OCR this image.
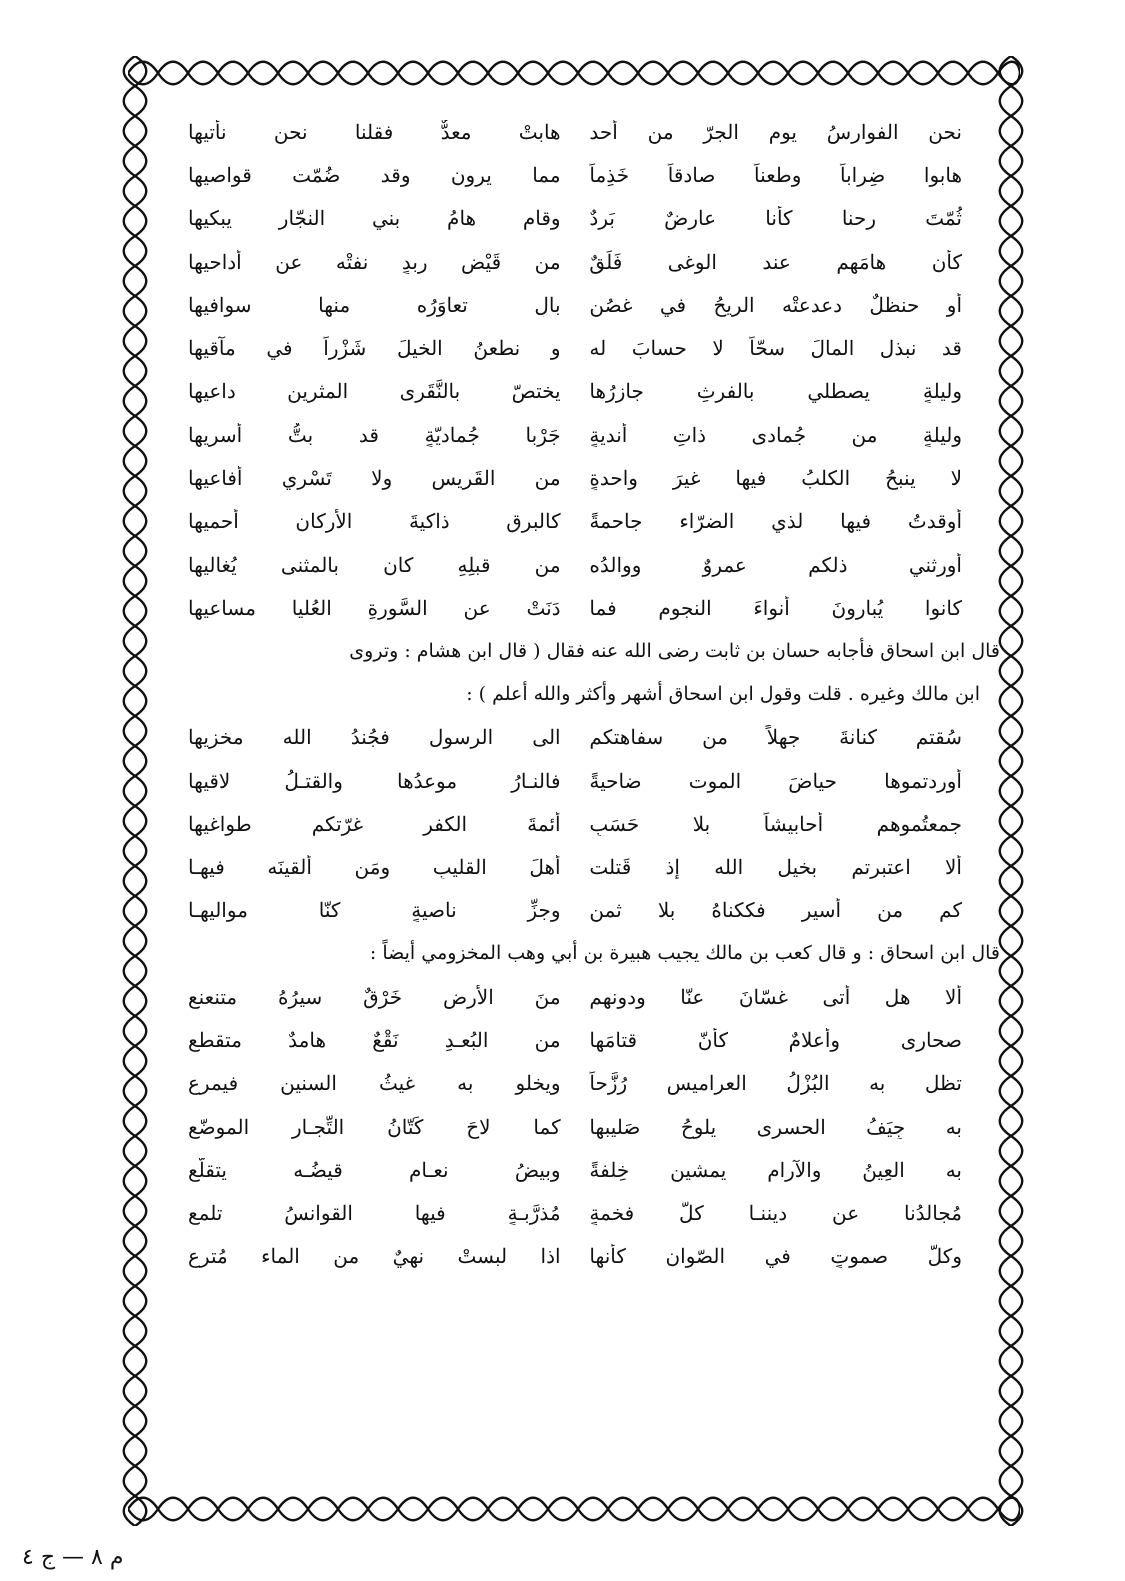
نحن الفوارسُ يوم الجرّ من أُحد
هابتْ معدٌّ فقلنا نحن نأتيها
هابوا ضِراباً وطعناً صادقاً خَذِماً
مما يرون وقد ضُمّت قواصيها
ثُمّتَ رحنا كأنا عارضٌ بَرِدٌ
وقام هامُ بني النجّار يبكيها
كأن هامَهم عند الوغى فَلَقٌ
من قَيْضِ ربدٍ نفتْه عن أداحيها
أو حنظلٌ دعدعتْه الريحُ في غصُن
بالٍ تعاوَرُه منها سوافيها
قد نبذل المالَ سحّاً لا حسابَ له
و نطعنُ الخيلَ شَزْراً في مآقيها
وليلةٍ يصطلي بالفرثِ جازرُها
يختصّ بالنَّقَرى المثرين داعيها
وليلةٍ من جُمادى ذاتِ أنديةٍ
جَرْبا جُماديّةٍ قد بتُّ أسريها
لا ينبحُ الكلبُ فيها غيرَ واحدةٍ
من القَريس ولا تَسْري أفاعيها
أوقدتُ فيها لذي الضرّاء جاحمةً
كالبرقِ ذاكيةَ الأركانِ أحميها
أورثني ذلكم عمروٌ ووالدُه
من قبلِهِ كان بالمثنى يُغاليها
كانوا يُبارونَ أنواءَ النجوم فما
دَنَتْ عن السَّورةِ العُليا مساعيها
قال ابن اسحاق فأجابه حسان بن ثابت رضى الله عنه فقال ( قال ابن هشام : وتروى
ابن مالك وغيره . قلت وقول ابن اسحاق أشهر وأكثر والله أعلم ) :
سُقتم كنانةَ جهلاً من سفاهتكم
الى الرسول فجُندُ الله مخزيها
أوردتموها حياضَ الموت ضاحيةً
فالنـارُ موعدُها والقتـلُ لاقيها
جمعتُموهم أحابيشاً بلا حَسَبٍ
أئمةَ الكفر غرّتكم طواغيها
ألا اعتبرتم بخيلِ الله إذ قَتلت
أهلَ القليبِ ومَن ألقينَه فيهـا
كم من أسيرٍ فككناهُ بلا ثمنٍ
وجزِّ ناصيةٍ كنّا مواليهـا
قال ابن اسحاق : و قال كعب بن مالك يجيب هبيرة بن أبي وهب المخزومي أيضاً :
ألا هل أتى غسّانَ عنّا ودونهم
منَ الأرضِ خَرْقٌ سيرُهُ متنعنع
صحارى وأعلامٌ كأنّ قتامَها
من البُعـدِ نَقْعٌ هامدٌ متقطع
تظل به البُزْلُ العراميس رُزَّحاً
ويخلو به غيثُ السنين فيمرع
به جِيَفُ الحسرى يلوحُ صَليبها
كما لاحَ كَتّانُ التِّجـارِ الموضّع
به العِينُ والآرام يمشين خِلفةً
وبيضُ نعـامٍ قيضُـه يتقلّع
مُجالدُنا عن ديننـا كلُّ فخمةٍ
مُذرَّبـةٍ فيها القوانسُ تلمع
وكلُّ صموتٍ في الصّوان كأنها
اذا لبستْ نهيٌ من الماء مُترع
م ٨ — ج ٤
